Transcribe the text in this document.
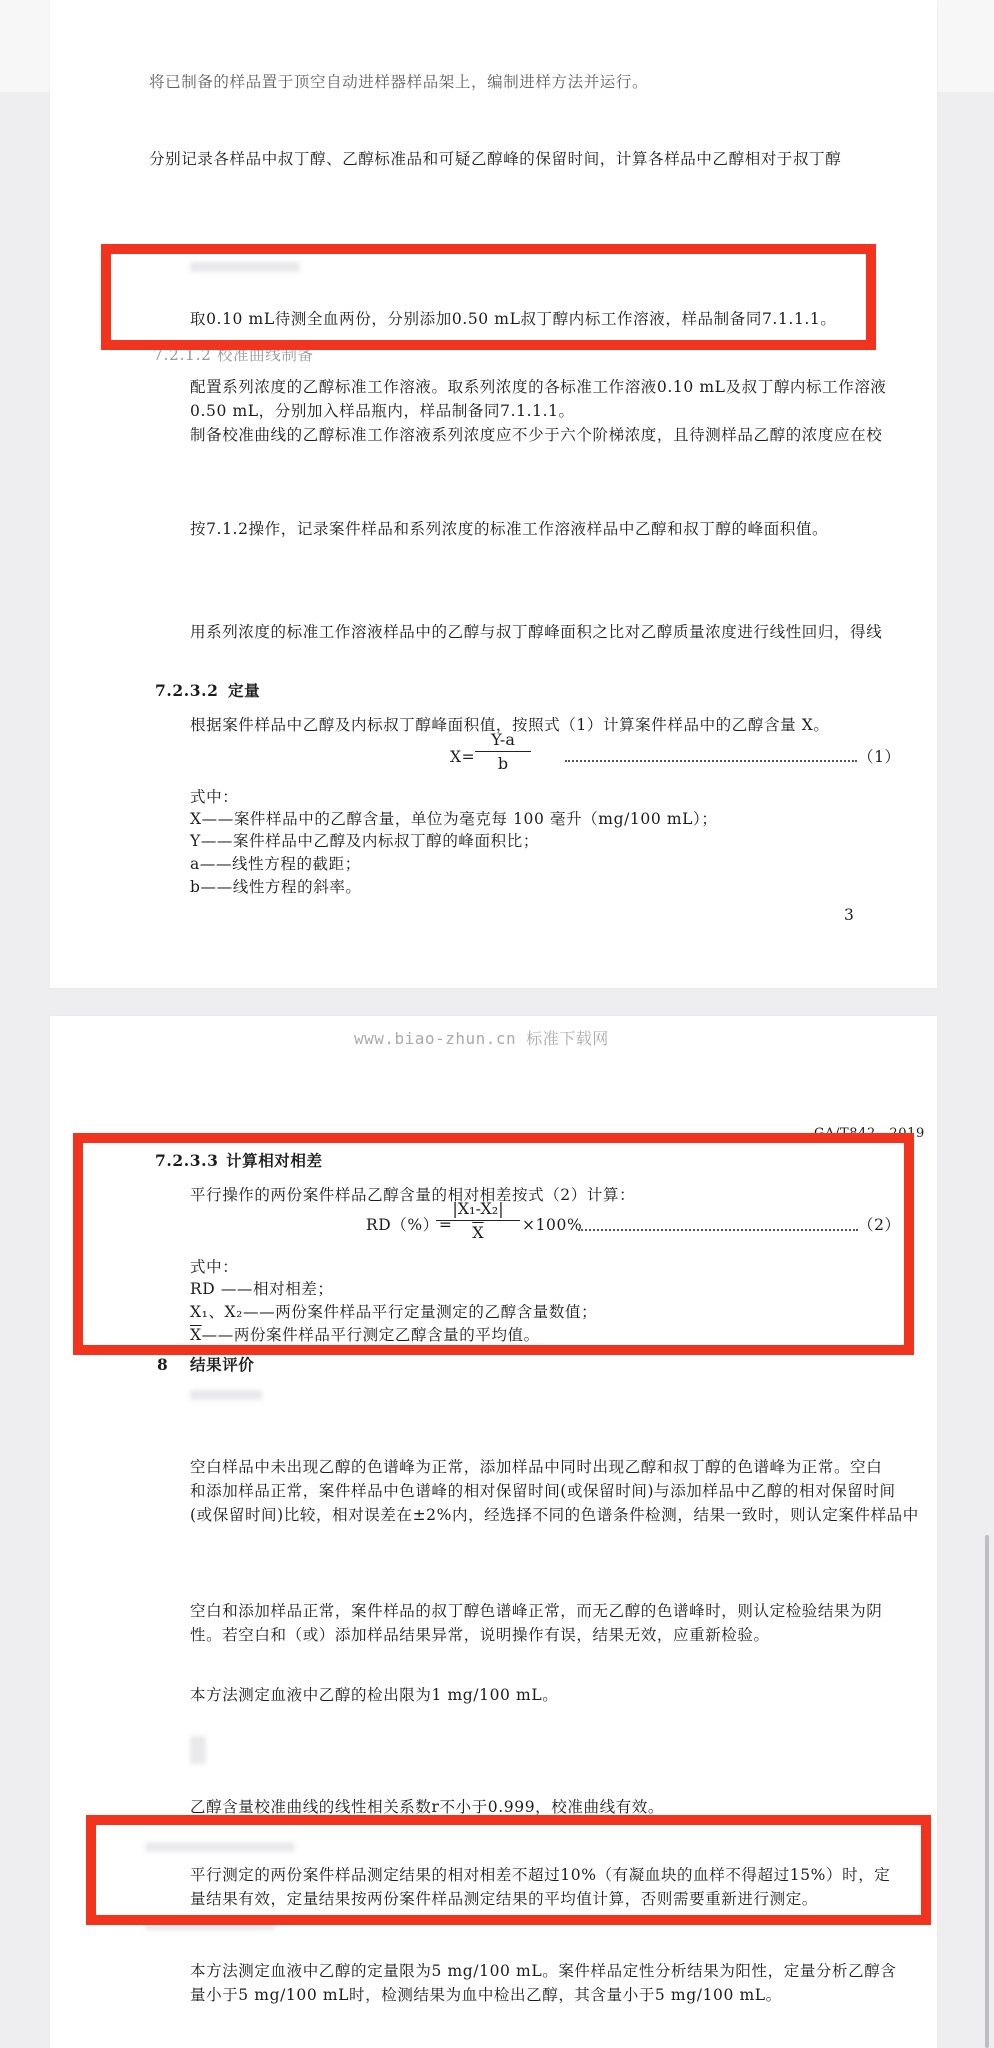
将已制备的样品置于顶空自动进样器样品架上，编制进样方法并运行。
分别记录各样品中叔丁醇、乙醇标准品和可疑乙醇峰的保留时间，计算各样品中乙醇相对于叔丁醇
取0.10 mL待测全血两份，分别添加0.50 mL叔丁醇内标工作溶液，样品制备同7.1.1.1。
7.2.1.2 校准曲线制备
配置系列浓度的乙醇标准工作溶液。取系列浓度的各标准工作溶液0.10 mL及叔丁醇内标工作溶液
0.50 mL，分别加入样品瓶内，样品制备同7.1.1.1。
制备校准曲线的乙醇标准工作溶液系列浓度应不少于六个阶梯浓度，且待测样品乙醇的浓度应在校
按7.1.2操作，记录案件样品和系列浓度的标准工作溶液样品中乙醇和叔丁醇的峰面积值。
用系列浓度的标准工作溶液样品中的乙醇与叔丁醇峰面积之比对乙醇质量浓度进行线性回归，得线
7.2.3.2 定量
根据案件样品中乙醇及内标叔丁醇峰面积值，按照式（1）计算案件样品中的乙醇含量 X。
$X= \frac{Y-a}{b}$	（1）
式中：
X——案件样品中的乙醇含量，单位为毫克每 100 毫升（mg/100 mL）；
Y——案件样品中乙醇及内标叔丁醇的峰面积比；
a——线性方程的截距；
b——线性方程的斜率。
3
www.biao-zhun.cn 标准下载网
GA/T842—2019
7.2.3.3 计算相对相差
平行操作的两份案件样品乙醇含量的相对相差按式（2）计算：
RD（%）=
$\frac{\text{|X₁-X₂|}}{X} \times 100\%$	（2）
式中：
RD ——相对相差；
X₁、X₂——两份案件样品平行定量测定的乙醇含量数值；
$\overline{X}——$两份案件样品平行测定乙醇含量的平均值。
8 结果评价
空白样品中未出现乙醇的色谱峰为正常，添加样品中同时出现乙醇和叔丁醇的色谱峰为正常。空白
和添加样品正常，案件样品中色谱峰的相对保留时间(或保留时间)与添加样品中乙醇的相对保留时间
(或保留时间)比较，相对误差在±2%内，经选择不同的色谱条件检测，结果一致时，则认定案件样品中
空白和添加样品正常，案件样品的叔丁醇色谱峰正常，而无乙醇的色谱峰时，则认定检验结果为阴
性。若空白和（或）添加样品结果异常，说明操作有误，结果无效，应重新检验。
本方法测定血液中乙醇的检出限为1 mg/100 mL。
乙醇含量校准曲线的线性相关系数r不小于0.999，校准曲线有效。
平行测定的两份案件样品测定结果的相对相差不超过10%（有凝血块的血样不得超过15%）时，定
量结果有效，定量结果按两份案件样品测定结果的平均值计算，否则需要重新进行测定。
本方法测定血液中乙醇的定量限为5 mg/100 mL。案件样品定性分析结果为阳性，定量分析乙醇含
量小于5 mg/100 mL时，检测结果为血中检出乙醇，其含量小于5 mg/100 mL。
